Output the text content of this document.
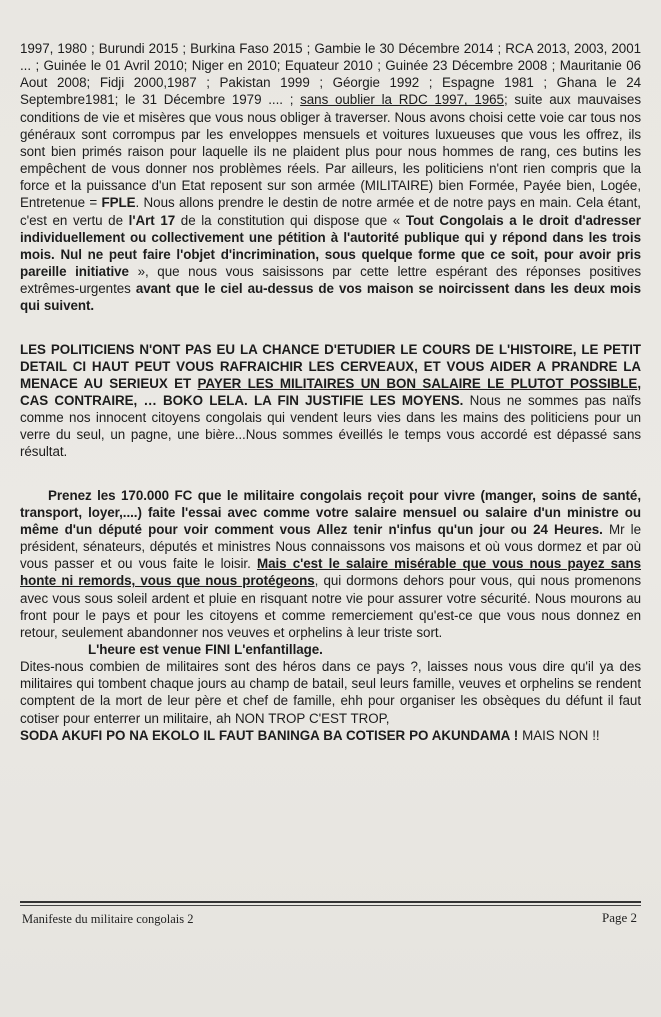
1997, 1980 ; Burundi 2015 ; Burkina Faso 2015 ; Gambie le 30 Décembre 2014 ; RCA 2013, 2003, 2001 ... ; Guinée le 01 Avril 2010; Niger en 2010; Equateur 2010 ; Guinée 23 Décembre 2008 ; Mauritanie 06 Aout 2008; Fidji 2000,1987 ; Pakistan 1999 ; Géorgie 1992 ; Espagne 1981 ; Ghana le 24 Septembre1981; le 31 Décembre 1979 .... ; sans oublier la RDC 1997, 1965; suite aux mauvaises conditions de vie et misères que vous nous obliger à traverser. Nous avons choisi cette voie car tous nos généraux sont corrompus par les enveloppes mensuels et voitures luxueuses que vous les offrez, ils sont bien primés raison pour laquelle ils ne plaident plus pour nous hommes de rang, ces butins les empêchent de vous donner nos problèmes réels. Par ailleurs, les politiciens n'ont rien compris que la force et la puissance d'un Etat reposent sur son armée (MILITAIRE) bien Formée, Payée bien, Logée, Entretenue = FPLE. Nous allons prendre le destin de notre armée et de notre pays en main. Cela étant, c'est en vertu de l'Art 17 de la constitution qui dispose que « Tout Congolais a le droit d'adresser individuellement ou collectivement une pétition à l'autorité publique qui y répond dans les trois mois. Nul ne peut faire l'objet d'incrimination, sous quelque forme que ce soit, pour avoir pris pareille initiative », que nous vous saisissons par cette lettre espérant des réponses positives extrêmes-urgentes avant que le ciel au-dessus de vos maison se noircissent dans les deux mois qui suivent.

LES POLITICIENS N'ONT PAS EU LA CHANCE D'ETUDIER LE COURS DE L'HISTOIRE, LE PETIT DETAIL CI HAUT PEUT VOUS RAFRAICHIR LES CERVEAUX, ET VOUS AIDER A PRANDRE LA MENACE AU SERIEUX ET PAYER LES MILITAIRES UN BON SALAIRE LE PLUTOT POSSIBLE, CAS CONTRAIRE, … BOKO LELA. LA FIN JUSTIFIE LES MOYENS. Nous ne sommes pas naïfs comme nos innocent citoyens congolais qui vendent leurs vies dans les mains des politiciens pour un verre du seul, un pagne, une bière...Nous sommes éveillés le temps vous accordé est dépassé sans résultat.

Prenez les 170.000 FC que le militaire congolais reçoit pour vivre (manger, soins de santé, transport, loyer,....) faite l'essai avec comme votre salaire mensuel ou salaire d'un ministre ou même d'un député pour voir comment vous Allez tenir n'infus qu'un jour ou 24 Heures. Mr le président, sénateurs, députés et ministres Nous connaissons vos maisons et où vous dormez et par où vous passer et ou vous faite le loisir. Mais c'est le salaire misérable que vous nous payez sans honte ni remords, vous que nous protégeons, qui dormons dehors pour vous, qui nous promenons avec vous sous soleil ardent et pluie en risquant notre vie pour assurer votre sécurité. Nous mourons au front pour le pays et pour les citoyens et comme remerciement qu'est-ce que vous nous donnez en retour, seulement abandonner nos veuves et orphelins à leur triste sort.

L'heure est venue FINI L'enfantillage.

Dites-nous combien de militaires sont des héros dans ce pays ?, laisses nous vous dire qu'il ya des militaires qui tombent chaque jours au champ de batail, seul leurs famille, veuves et orphelins se rendent comptent de la mort de leur père et chef de famille, ehh pour organiser les obsèques du défunt il faut cotiser pour enterrer un militaire, ah NON TROP C'EST TROP,

SODA AKUFI PO NA EKOLO IL FAUT BANINGA BA COTISER PO AKUNDAMA ! MAIS NON !!

Manifeste du militaire congolais 2	Page 2
